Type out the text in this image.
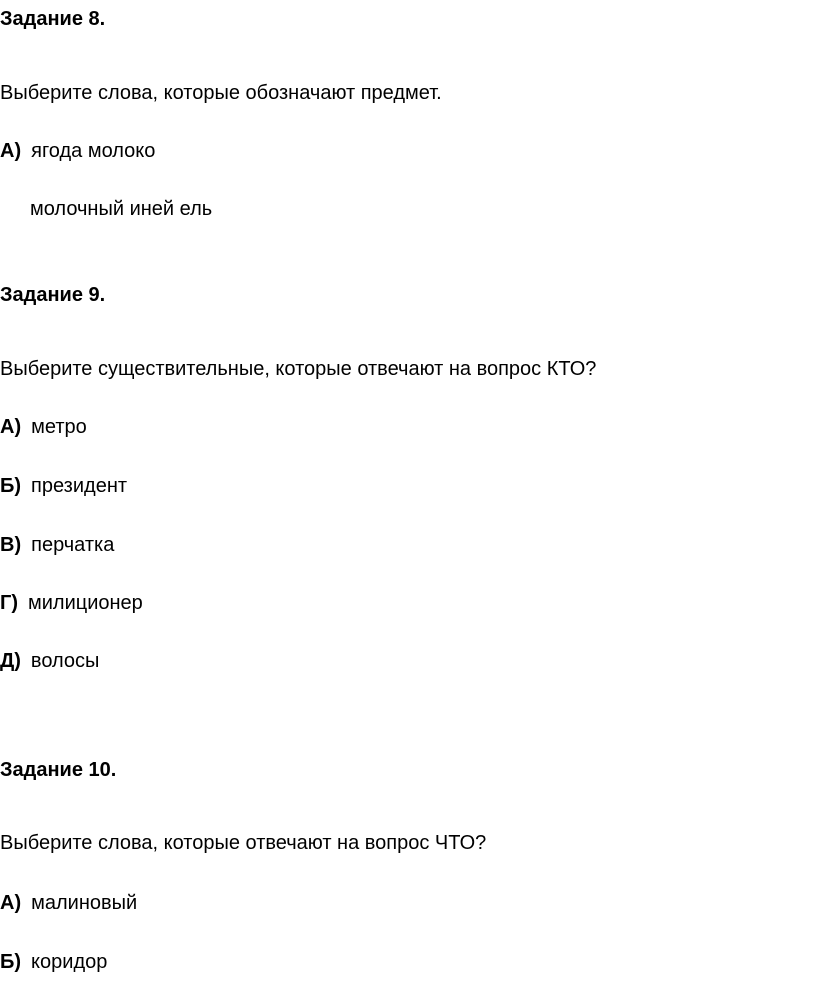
Задание 8.
Выберите слова, которые обозначают предмет.
А) ягода молоко
молочный иней ель
Задание 9.
Выберите существительные, которые отвечают на вопрос КТО?
А) метро
Б) президент
В) перчатка
Г) милиционер
Д) волосы
Задание 10.
Выберите слова, которые отвечают на вопрос ЧТО?
А) малиновый
Б) коридор
